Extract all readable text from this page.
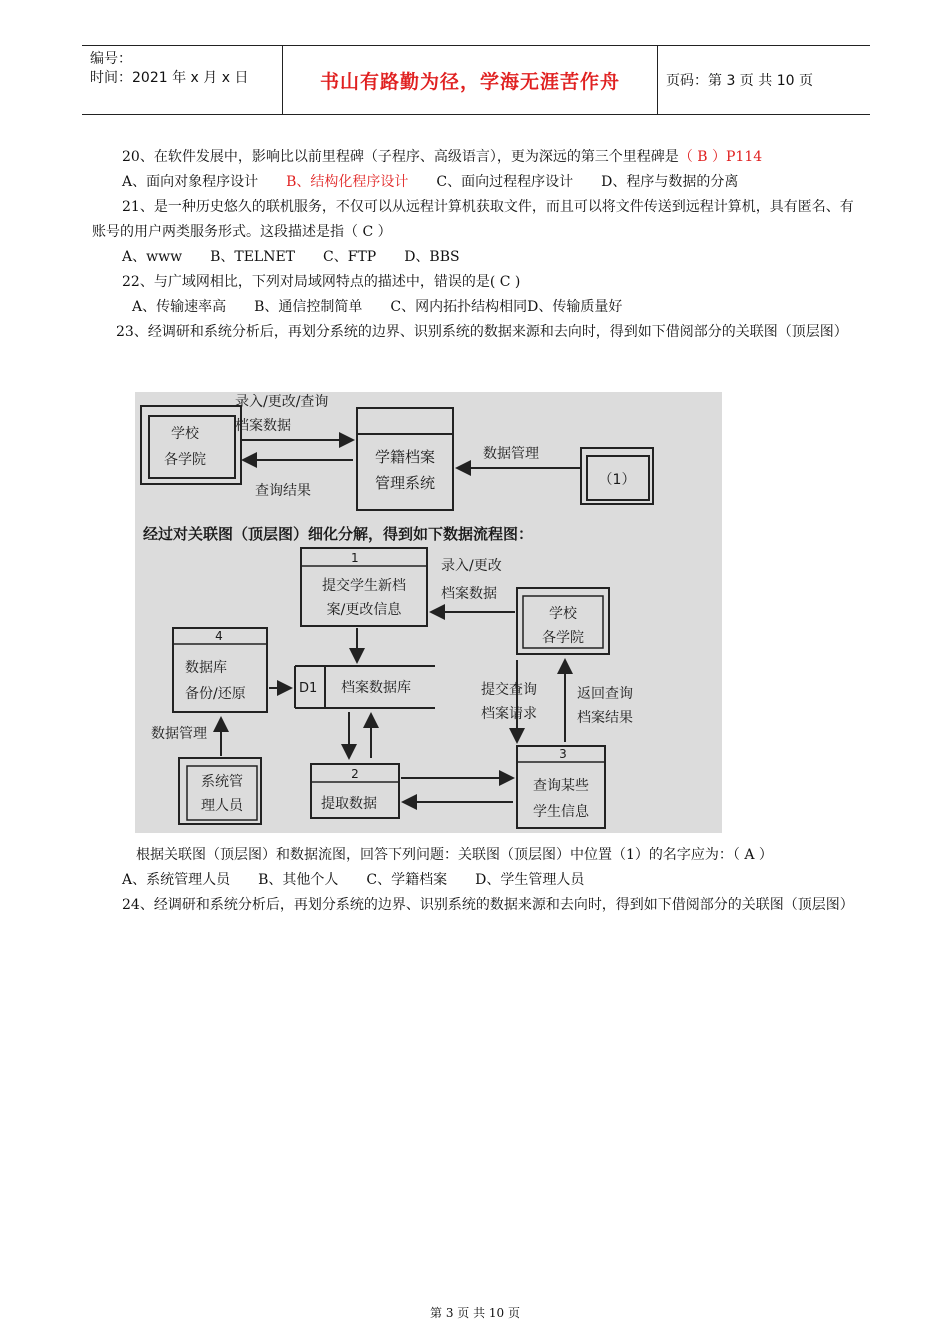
编号：
时间：2021 年 x 月 x 日	书山有路勤为径，学海无涯苦作舟	页码：第 3 页 共 10 页

20、在软件发展中，影响比以前里程碑（子程序、高级语言），更为深远的第三个里程碑是（ B ）P114

A、面向对象程序设计 B、结构化程序设计 C、面向过程程序设计 D、程序与数据的分离

21、是一种历史悠久的联机服务，不仅可以从远程计算机获取文件，而且可以将文件传送到远程计算机，具有匿名、有账号的用户两类服务形式。这段描述是指（ C ）

A、www B、TELNET C、FTP D、BBS

22、与广域网相比，下列对局域网特点的描述中，错误的是( C )

A、传输速率高 B、通信控制简单 C、网内拓扑结构相同D、传输质量好

23、经调研和系统分析后，再划分系统的边界、识别系统的数据来源和去向时，得到如下借阅部分的关联图（顶层图）

学校
各学院
录入/更改/查询
档案数据
查询结果
学籍档案
管理系统
数据管理
（1）
经过对关联图（顶层图）细化分解，得到如下数据流程图：
1
提交学生新档
案/更改信息
录入/更改
档案数据
学校
各学院
4
数据库
备份/还原	D1 档案数据库	提交查询
档案请求
返回查询
档案结果
数据管理
系统管
理人员
2
提取数据
3
查询某些
学生信息

根据关联图（顶层图）和数据流图，回答下列问题：关联图（顶层图）中位置（1）的名字应为：（ A ）

A、系统管理人员 B、其他个人 C、学籍档案 D、学生管理人员

24、经调研和系统分析后，再划分系统的边界、识别系统的数据来源和去向时，得到如下借阅部分的关联图（顶层图）

第 3 页 共 10 页
